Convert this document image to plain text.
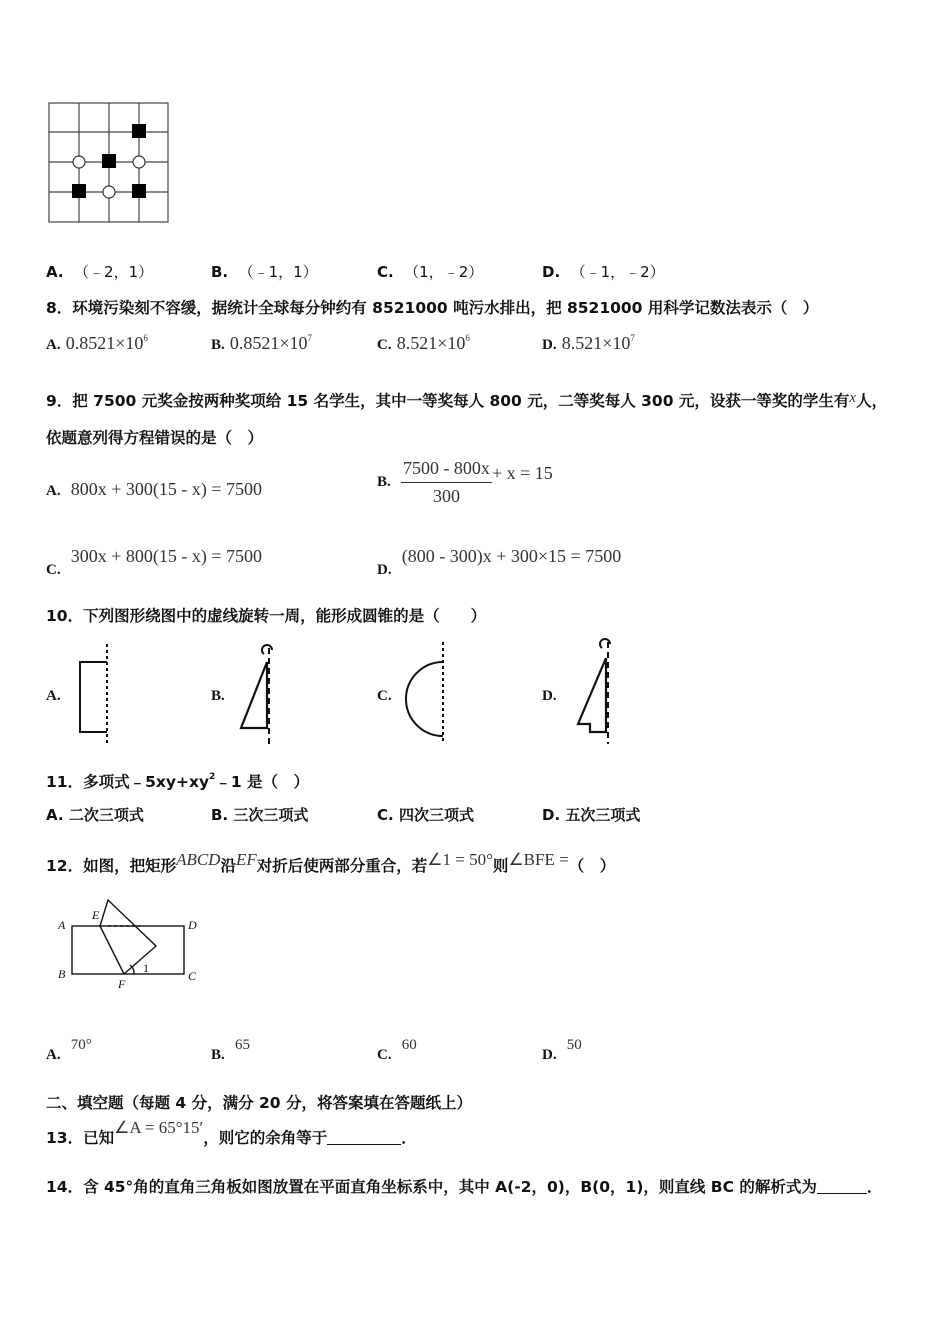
A. （﹣2，1）	B. （﹣1，1）	C. （1，﹣2）	D. （﹣1，﹣2）
8．环境污染刻不容缓，据统计全球每分钟约有 8521000 吨污水排出，把 8521000 用科学记数法表示（　）
A. $0.8521\times 10^6$	B. $0.8521\times 10^7$	C. $8.521\times 10^6$	D. $8.521\times 10^7$
9．把 7500 元奖金按两种奖项给 15 名学生，其中一等奖每人 800 元，二等奖每人 300 元，设获一等奖的学生有x人，
依题意列得方程错误的是（　）
A. 800x + 300(15 - x) = 7500	B. $\frac{7500 - 800x}{300} + x = 15$
C.  300x + 800(15 - x) = 7500
D.  (800 - 300)x + 300×15 = 7500
10．下列图形绕图中的虚线旋转一周，能形成圆锥的是（　　）
A.	B.	C.	D.
11．多项式$﹣5xy+xy^2﹣1$ 是（　）
A. 二次三项式	B. 三次三项式	C. 四次三项式	D. 五次三项式
12．如图，把矩形ABCD沿EF对折后使两部分重合，若∠1 = 50°则∠BFE =（　）
A
E
D
B
F
C
1
A.  70°
B.  65
C.  60
D.  50
二、填空题（每题 4 分，满分 20 分，将答案填在答题纸上）
13．已知∠A = 65°15′，则它的余角等于	．
14．含 45°角的直角三角板如图放置在平面直角坐标系中，其中 A(-2，0)，B(0，1)，则直线 BC 的解析式为	．
